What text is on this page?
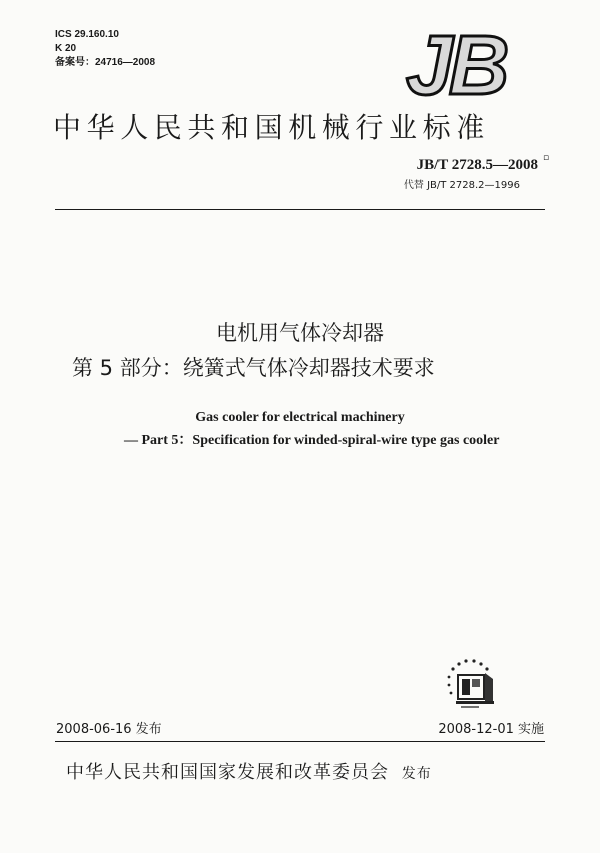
ICS 29.160.10
K 20
备案号：24716—2008	JB
中华人民共和国机械行业标准
JB/T 2728.5—2008 ▫
代替 JB/T 2728.2—1996
电机用气体冷却器
第 5 部分：绕簧式气体冷却器技术要求
Gas cooler for electrical machinery
— Part 5：Specification for winded-spiral-wire type gas cooler
2008-06-16 发布	2008-12-01 实施
中华人民共和国国家发展和改革委员会 发布
